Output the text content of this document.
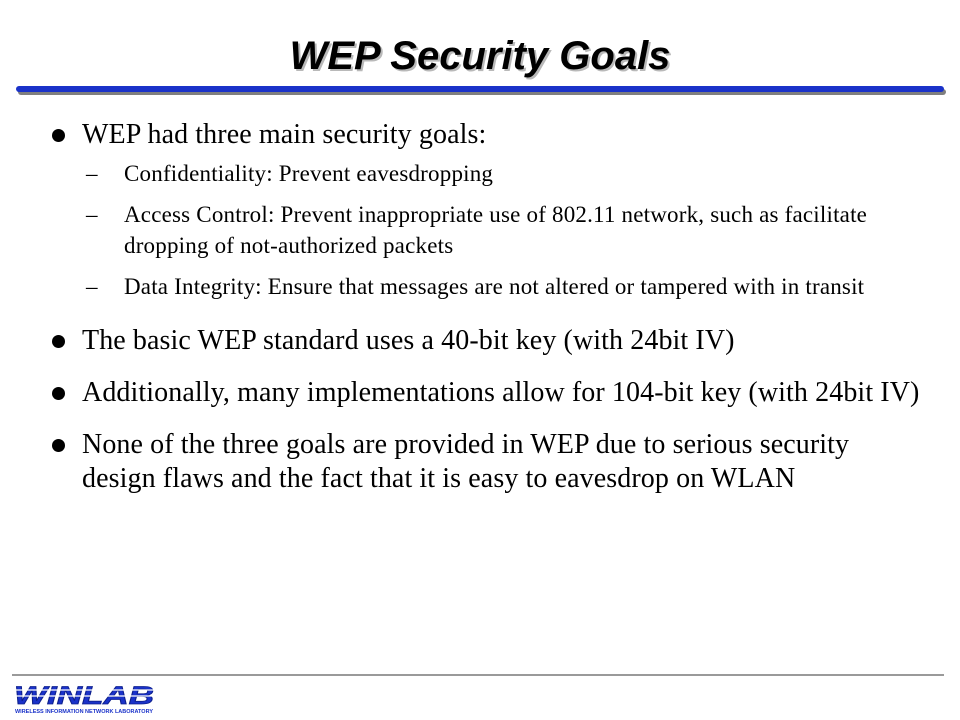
WEP Security Goals
WEP had three main security goals:
– Confidentiality: Prevent eavesdropping
– Access Control: Prevent inappropriate use of 802.11 network, such as facilitate dropping of not-authorized packets
– Data Integrity: Ensure that messages are not altered or tampered with in transit
The basic WEP standard uses a 40-bit key (with 24bit IV)
Additionally, many implementations allow for 104-bit key (with 24bit IV)
None of the three goals are provided in WEP due to serious security design flaws and the fact that it is easy to eavesdrop on WLAN
WINLAB
WIRELESS INFORMATION NETWORK LABORATORY
